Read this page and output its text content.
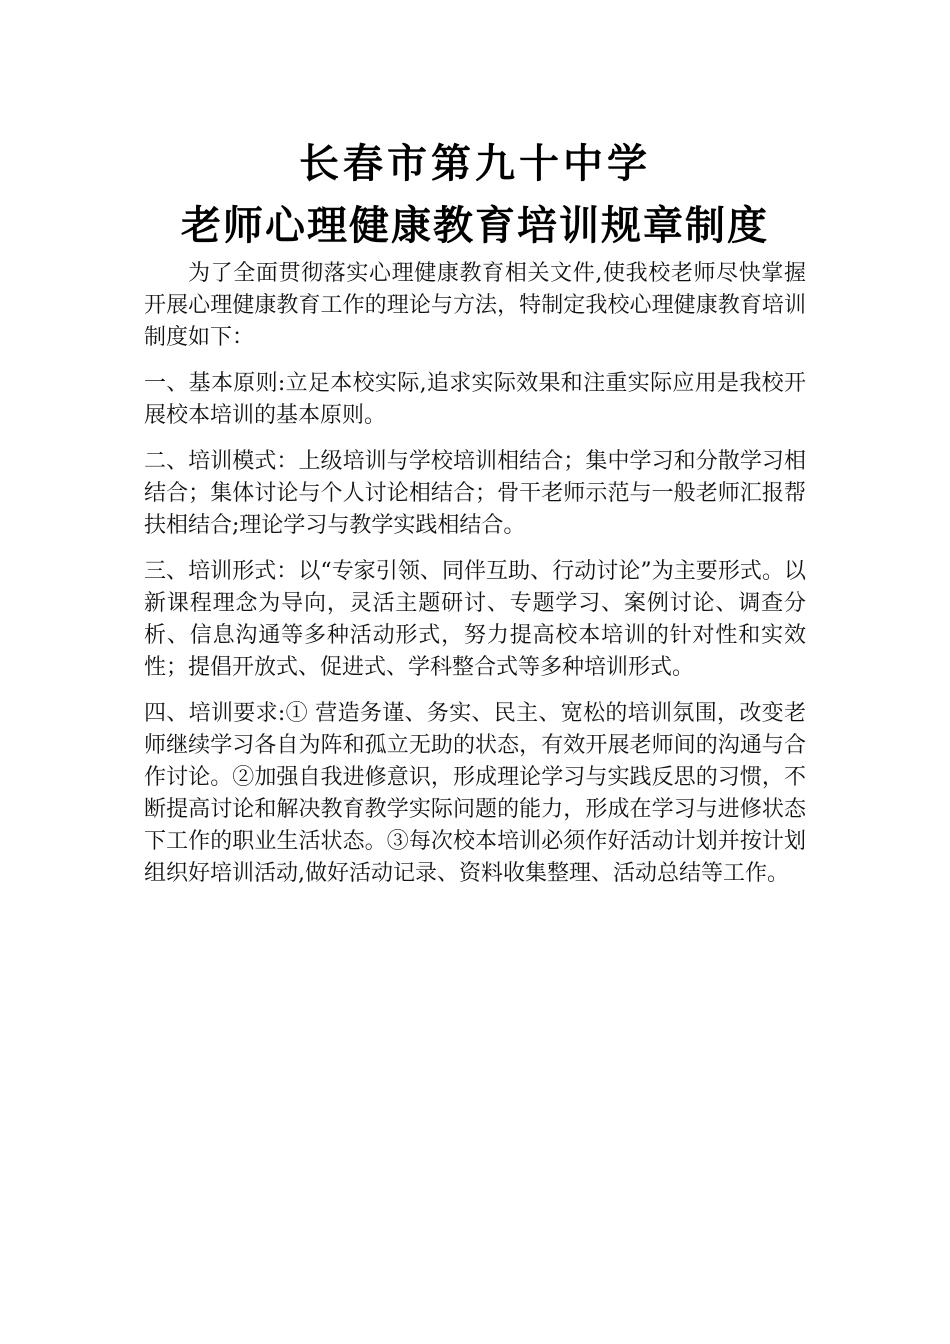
长春市第九十中学
老师心理健康教育培训规章制度

为了全面贯彻落实心理健康教育相关文件,使我校老师尽快掌握开展心理健康教育工作的理论与方法，特制定我校心理健康教育培训制度如下：

一、基本原则:立足本校实际,追求实际效果和注重实际应用是我校开展校本培训的基本原则。

二、培训模式：上级培训与学校培训相结合；集中学习和分散学习相结合；集体讨论与个人讨论相结合；骨干老师示范与一般老师汇报帮扶相结合;理论学习与教学实践相结合。

三、培训形式：以“专家引领、同伴互助、行动讨论”为主要形式。以新课程理念为导向，灵活主题研讨、专题学习、案例讨论、调查分析、信息沟通等多种活动形式，努力提高校本培训的针对性和实效性；提倡开放式、促进式、学科整合式等多种培训形式。

四、培训要求:① 营造务谨、务实、民主、宽松的培训氛围，改变老师继续学习各自为阵和孤立无助的状态，有效开展老师间的沟通与合作讨论。②加强自我进修意识，形成理论学习与实践反思的习惯，不断提高讨论和解决教育教学实际问题的能力，形成在学习与进修状态下工作的职业生活状态。③每次校本培训必须作好活动计划并按计划组织好培训活动,做好活动记录、资料收集整理、活动总结等工作。
